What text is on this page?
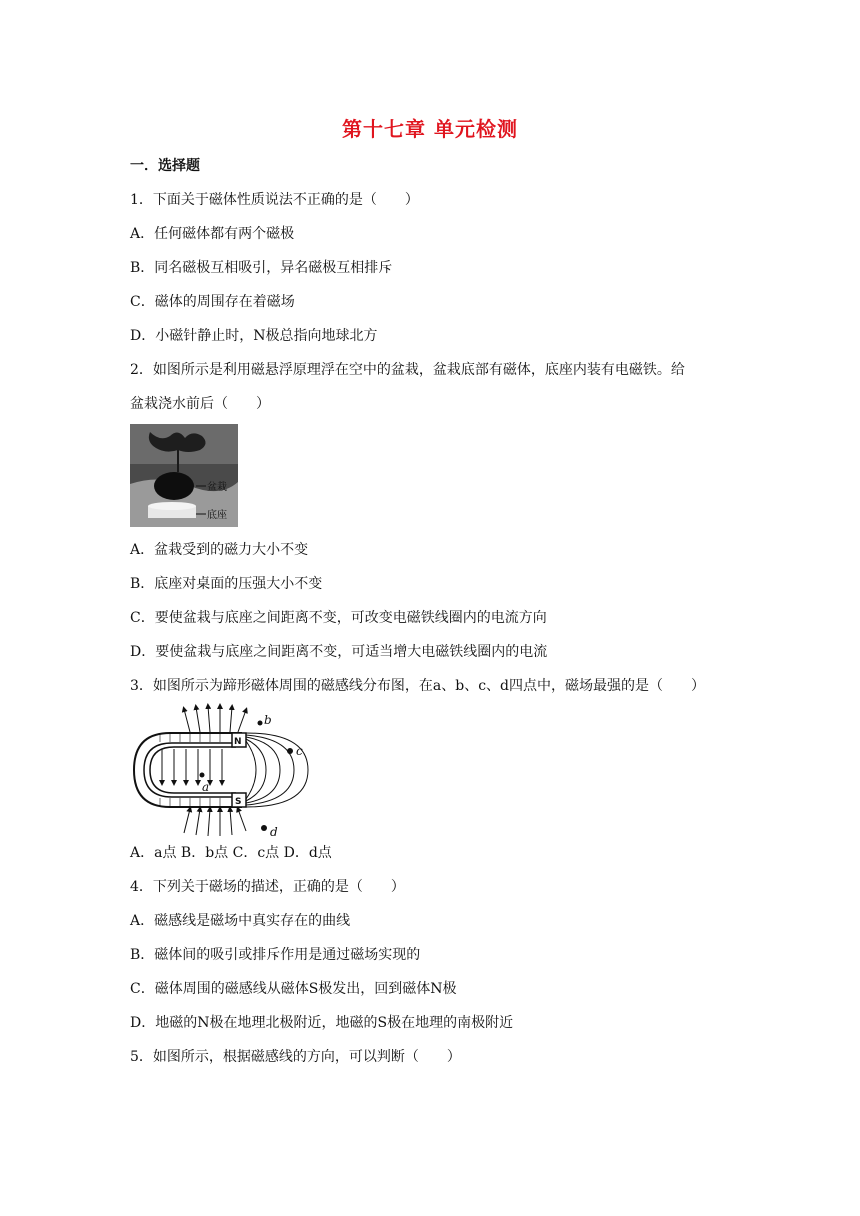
第十七章 单元检测
一．选择题
1．下面关于磁体性质说法不正确的是（　　）
A．任何磁体都有两个磁极
B．同名磁极互相吸引，异名磁极互相排斥
C．磁体的周围存在着磁场
D．小磁针静止时，N极总指向地球北方
2．如图所示是利用磁悬浮原理浮在空中的盆栽，盆栽底部有磁体，底座内装有电磁铁。给
盆栽浇水前后（　　）
盆栽
底座
A．盆栽受到的磁力大小不变
B．底座对桌面的压强大小不变
C．要使盆栽与底座之间距离不变，可改变电磁铁线圈内的电流方向
D．要使盆栽与底座之间距离不变，可适当增大电磁铁线圈内的电流
3．如图所示为蹄形磁体周围的磁感线分布图，在a、b、c、d四点中，磁场最强的是（　　）
N
S
a
b
c
d
A．a点 B．b点 C．c点 D．d点
4．下列关于磁场的描述，正确的是（　　）
A．磁感线是磁场中真实存在的曲线
B．磁体间的吸引或排斥作用是通过磁场实现的
C．磁体周围的磁感线从磁体S极发出，回到磁体N极
D．地磁的N极在地理北极附近，地磁的S极在地理的南极附近
5．如图所示，根据磁感线的方向，可以判断（　　）
